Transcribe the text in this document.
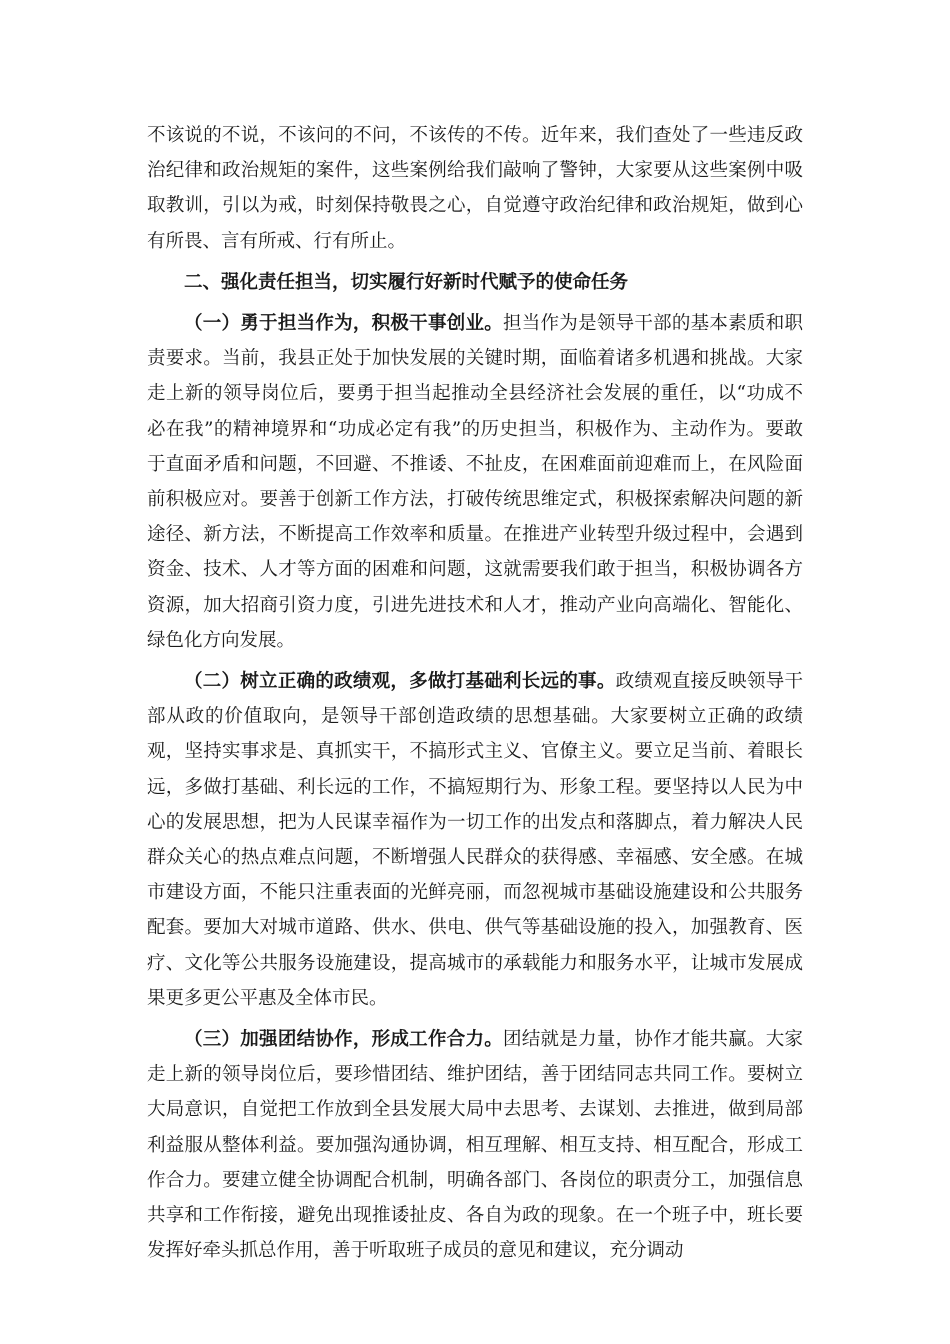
不该说的不说，不该问的不问，不该传的不传。近年来，我们查处了一些违反政治纪律和政治规矩的案件，这些案例给我们敲响了警钟，大家要从这些案例中吸取教训，引以为戒，时刻保持敬畏之心，自觉遵守政治纪律和政治规矩，做到心有所畏、言有所戒、行有所止。

二、强化责任担当，切实履行好新时代赋予的使命任务

（一）勇于担当作为，积极干事创业。担当作为是领导干部的基本素质和职责要求。当前，我县正处于加快发展的关键时期，面临着诸多机遇和挑战。大家走上新的领导岗位后，要勇于担当起推动全县经济社会发展的重任，以“功成不必在我”的精神境界和“功成必定有我”的历史担当，积极作为、主动作为。要敢于直面矛盾和问题，不回避、不推诿、不扯皮，在困难面前迎难而上，在风险面前积极应对。要善于创新工作方法，打破传统思维定式，积极探索解决问题的新途径、新方法，不断提高工作效率和质量。在推进产业转型升级过程中，会遇到资金、技术、人才等方面的困难和问题，这就需要我们敢于担当，积极协调各方资源，加大招商引资力度，引进先进技术和人才，推动产业向高端化、智能化、绿色化方向发展。

（二）树立正确的政绩观，多做打基础利长远的事。政绩观直接反映领导干部从政的价值取向，是领导干部创造政绩的思想基础。大家要树立正确的政绩观，坚持实事求是、真抓实干，不搞形式主义、官僚主义。要立足当前、着眼长远，多做打基础、利长远的工作，不搞短期行为、形象工程。要坚持以人民为中心的发展思想，把为人民谋幸福作为一切工作的出发点和落脚点，着力解决人民群众关心的热点难点问题，不断增强人民群众的获得感、幸福感、安全感。在城市建设方面，不能只注重表面的光鲜亮丽，而忽视城市基础设施建设和公共服务配套。要加大对城市道路、供水、供电、供气等基础设施的投入，加强教育、医疗、文化等公共服务设施建设，提高城市的承载能力和服务水平，让城市发展成果更多更公平惠及全体市民。

（三）加强团结协作，形成工作合力。团结就是力量，协作才能共赢。大家走上新的领导岗位后，要珍惜团结、维护团结，善于团结同志共同工作。要树立大局意识，自觉把工作放到全县发展大局中去思考、去谋划、去推进，做到局部利益服从整体利益。要加强沟通协调，相互理解、相互支持、相互配合，形成工作合力。要建立健全协调配合机制，明确各部门、各岗位的职责分工，加强信息共享和工作衔接，避免出现推诿扯皮、各自为政的现象。在一个班子中，班长要发挥好牵头抓总作用，善于听取班子成员的意见和建议，充分调动
